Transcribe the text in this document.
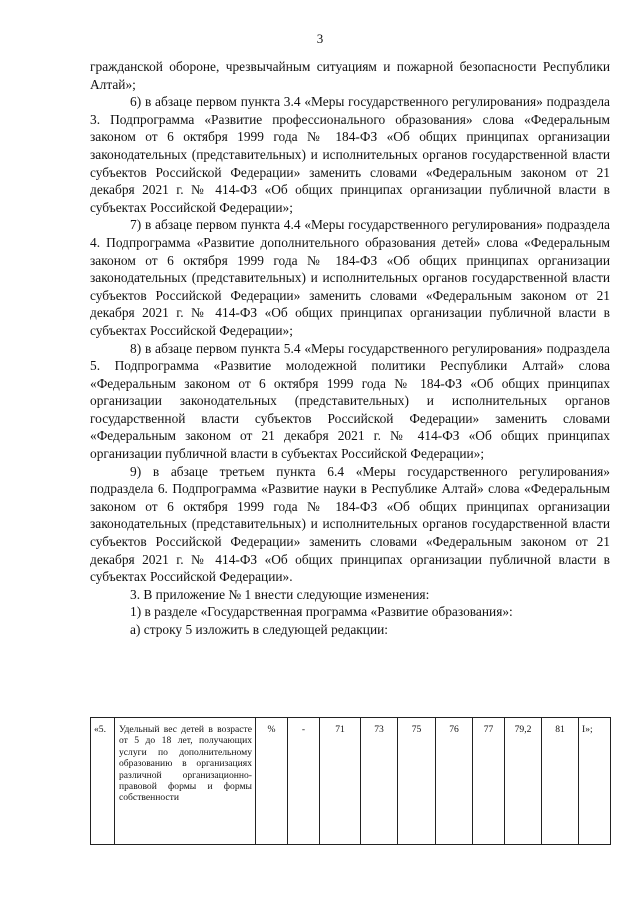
3

гражданской обороне, чрезвычайным ситуациям и пожарной безопасности Республики Алтай»;

6) в абзаце первом пункта 3.4 «Меры государственного регулирования» подраздела 3. Подпрограмма «Развитие профессионального образования» слова «Федеральным законом от 6 октября 1999 года № 184-ФЗ «Об общих принципах организации законодательных (представительных) и исполнительных органов государственной власти субъектов Российской Федерации» заменить словами «Федеральным законом от 21 декабря 2021 г. № 414-ФЗ «Об общих принципах организации публичной власти в субъектах Российской Федерации»;

7) в абзаце первом пункта 4.4 «Меры государственного регулирования» подраздела 4. Подпрограмма «Развитие дополнительного образования детей» слова «Федеральным законом от 6 октября 1999 года № 184-ФЗ «Об общих принципах организации законодательных (представительных) и исполнительных органов государственной власти субъектов Российской Федерации» заменить словами «Федеральным законом от 21 декабря 2021 г. № 414-ФЗ «Об общих принципах организации публичной власти в субъектах Российской Федерации»;

8) в абзаце первом пункта 5.4 «Меры государственного регулирования» подраздела 5. Подпрограмма «Развитие молодежной политики Республики Алтай» слова «Федеральным законом от 6 октября 1999 года № 184-ФЗ «Об общих принципах организации законодательных (представительных) и исполнительных органов государственной власти субъектов Российской Федерации» заменить словами «Федеральным законом от 21 декабря 2021 г. № 414-ФЗ «Об общих принципах организации публичной власти в субъектах Российской Федерации»;

9) в абзаце третьем пункта 6.4 «Меры государственного регулирования» подраздела 6. Подпрограмма «Развитие науки в Республике Алтай» слова «Федеральным законом от 6 октября 1999 года № 184-ФЗ «Об общих принципах организации законодательных (представительных) и исполнительных органов государственной власти субъектов Российской Федерации» заменить словами «Федеральным законом от 21 декабря 2021 г. № 414-ФЗ «Об общих принципах организации публичной власти в субъектах Российской Федерации».

3. В приложение № 1 внести следующие изменения:

1) в разделе «Государственная программа «Развитие образования»:

а) строку 5 изложить в следующей редакции:

«5.	Удельный вес детей в возрасте от 5 до 18 лет, получающих услуги по дополнительному образованию в организациях различной организационно-правовой формы и формы собственности	%	-	71	73	75	76	77	79,2	81	I»;
